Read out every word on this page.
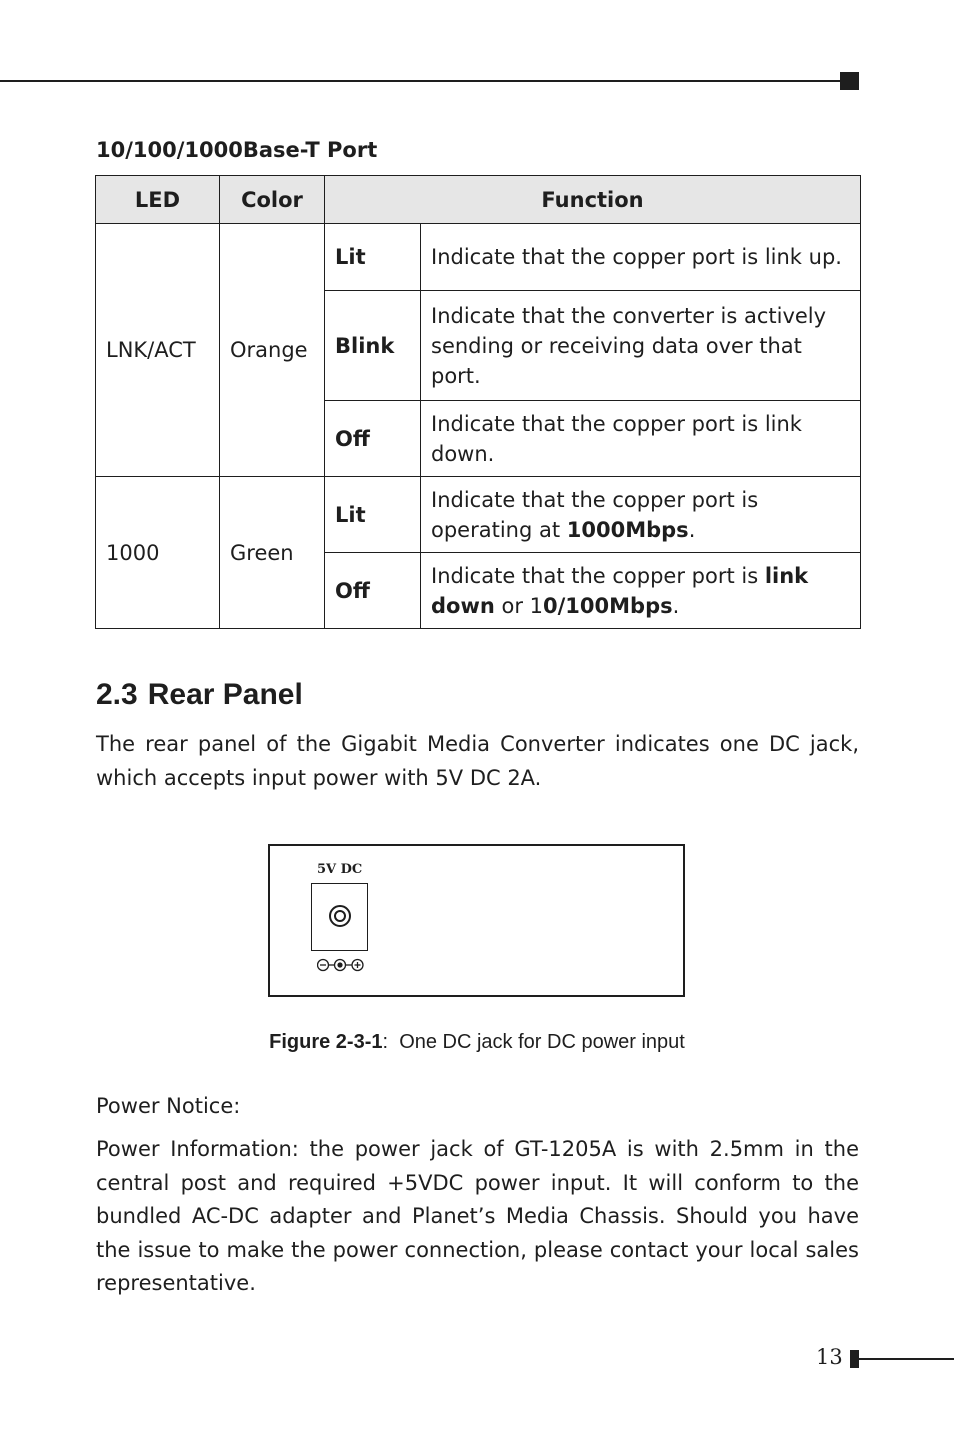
10/100/1000Base-T Port
LED	Color	Function	
LNK/ACT	Orange	Lit	Indicate that the copper port is link up.
		Blink	Indicate that the converter is actively sending or receiving data over that port.
		Off	Indicate that the copper port is link down.
1000	Green	Lit	Indicate that the copper port is operating at 1000Mbps.
		Off	Indicate that the copper port is link down or 10/100Mbps.
2.3 Rear Panel

The rear panel of the Gigabit Media Converter indicates one DC jack, which accepts input power with 5V DC 2A.

5V DC

Figure 2-3-1: One DC jack for DC power input

Power Notice:

Power Information: the power jack of GT-1205A is with 2.5mm in the central post and required +5VDC power input. It will conform to the bundled AC-DC adapter and Planet’s Media Chassis. Should you have the issue to make the power connection, please contact your local sales representative.

13
